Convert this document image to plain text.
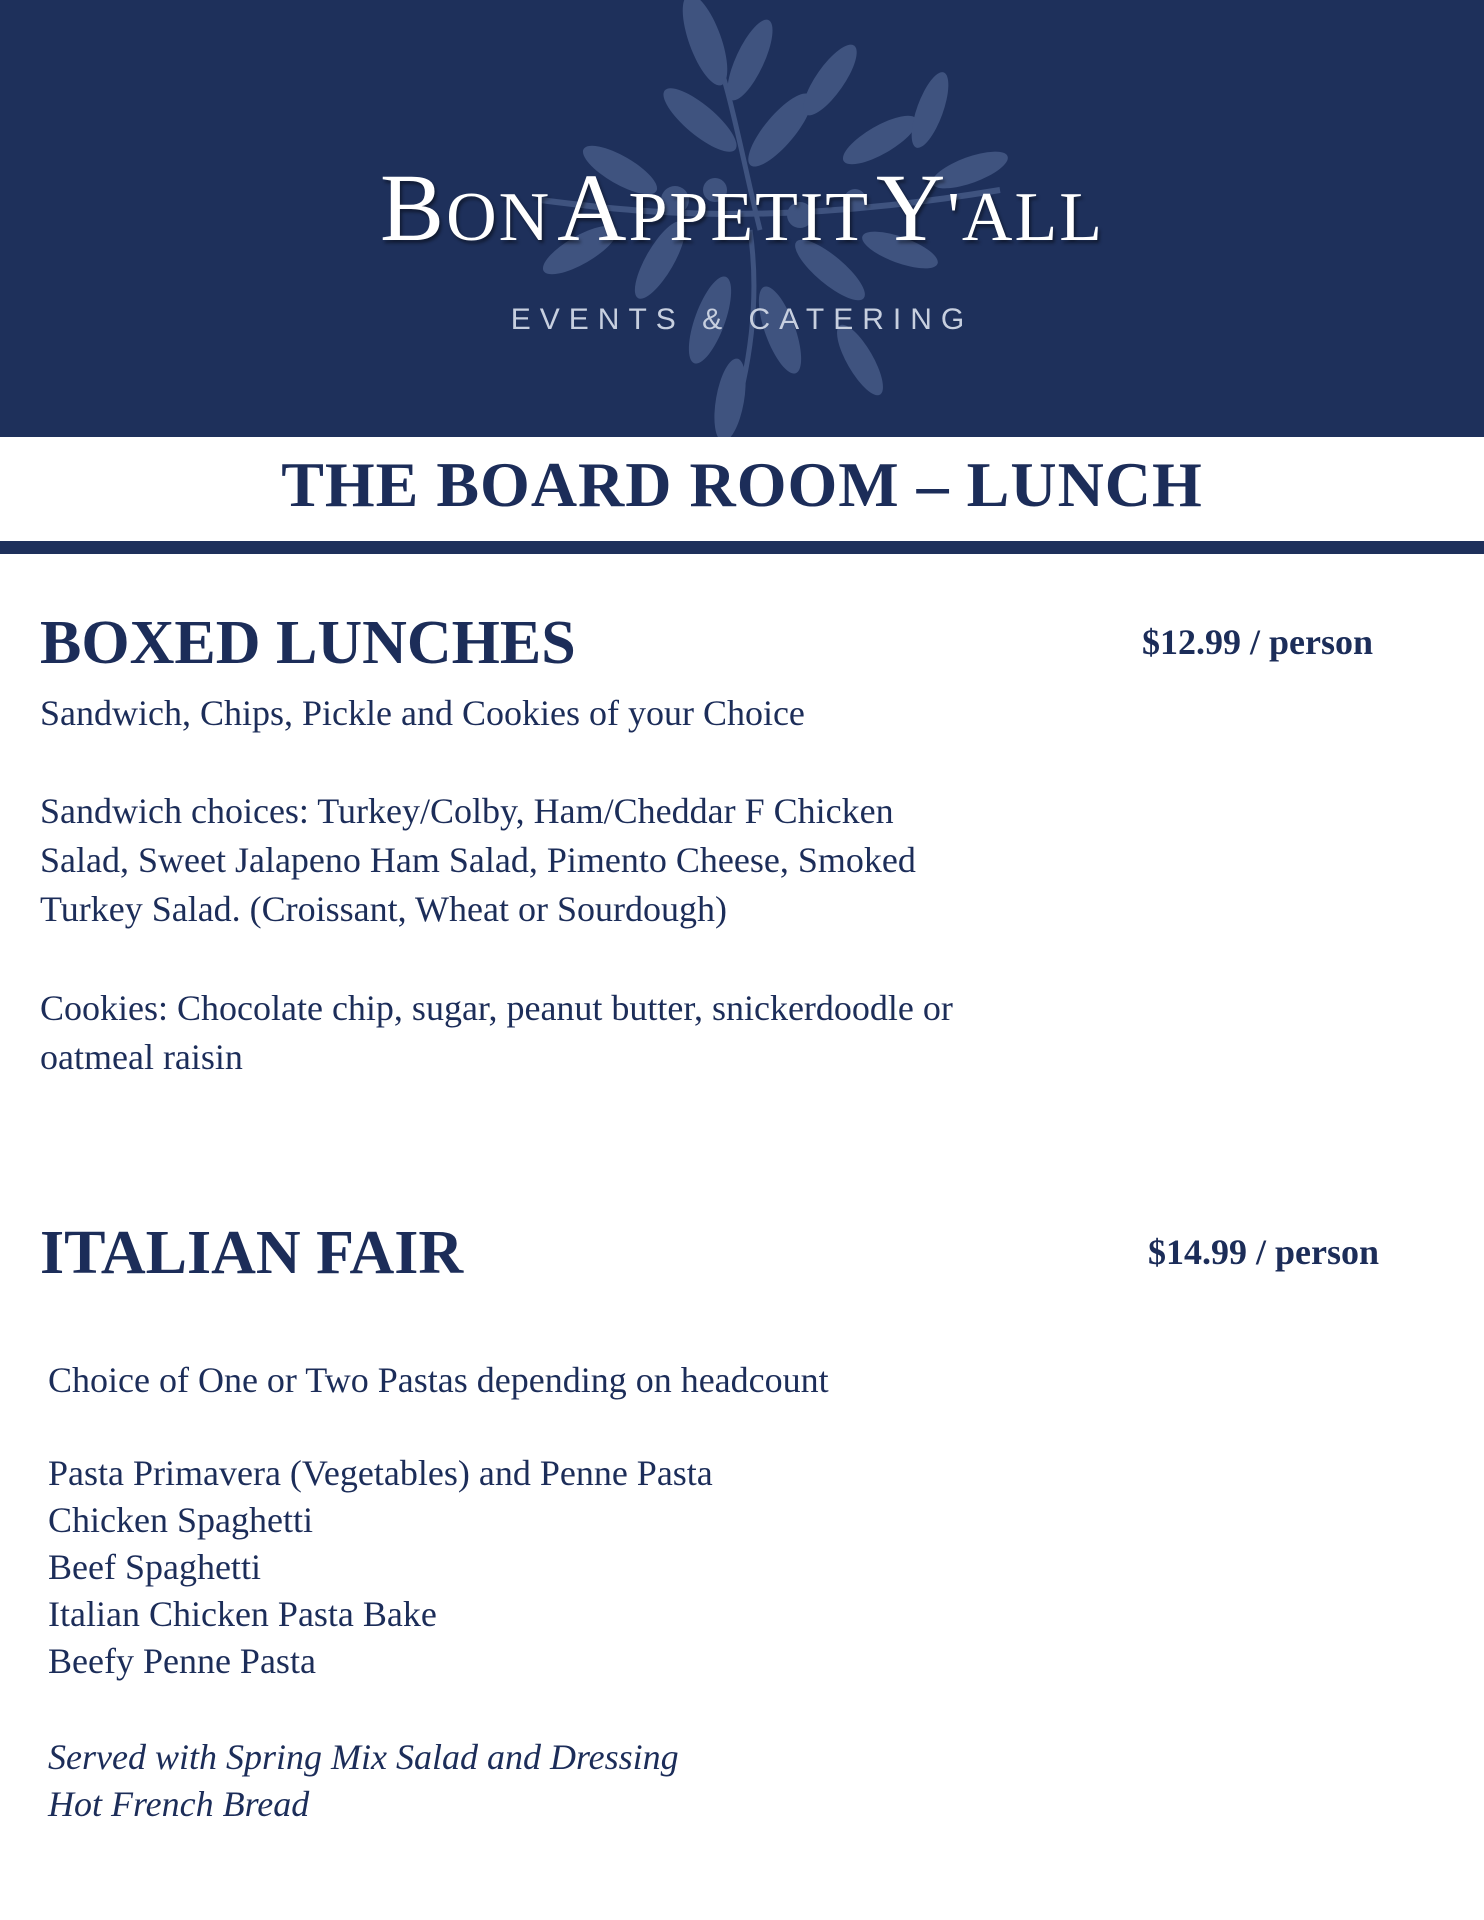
BON APPETIT Y'ALL
EVENTS & CATERING
THE BOARD ROOM – LUNCH
BOXED LUNCHES	$12.99 / person

Sandwich, Chips, Pickle and Cookies of your Choice

Sandwich choices: Turkey/Colby, Ham/Cheddar F Chicken
Salad, Sweet Jalapeno Ham Salad, Pimento Cheese, Smoked
Turkey Salad. (Croissant, Wheat or Sourdough)

Cookies: Chocolate chip, sugar, peanut butter, snickerdoodle or
oatmeal raisin

ITALIAN FAIR	$14.99 / person

Choice of One or Two Pastas depending on headcount

Pasta Primavera (Vegetables) and Penne Pasta
Chicken Spaghetti
Beef Spaghetti
Italian Chicken Pasta Bake
Beefy Penne Pasta

Served with Spring Mix Salad and Dressing
Hot French Bread
